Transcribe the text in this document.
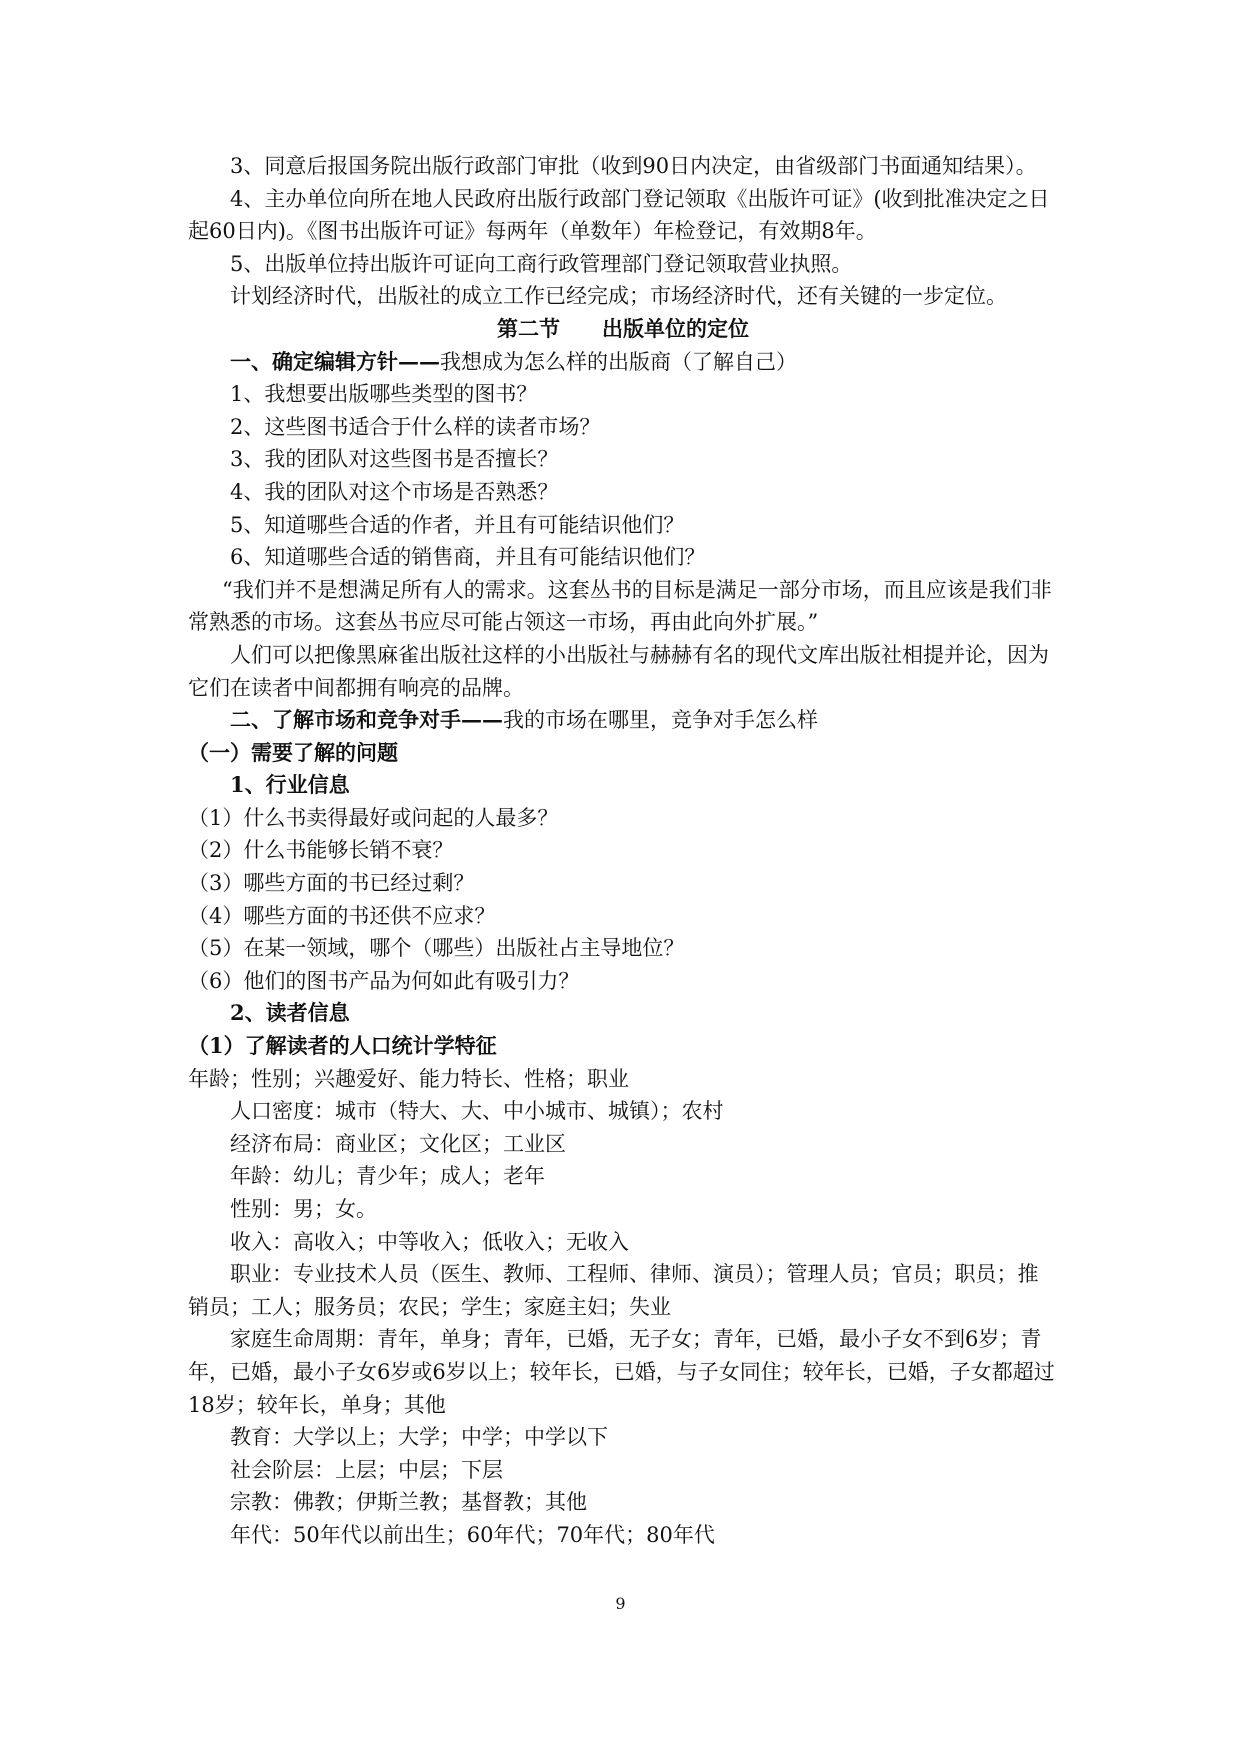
3、同意后报国务院出版行政部门审批（收到90日内决定，由省级部门书面通知结果）。

4、主办单位向所在地人民政府出版行政部门登记领取《出版许可证》(收到批准决定之日起60日内)。《图书出版许可证》每两年（单数年）年检登记，有效期8年。

5、出版单位持出版许可证向工商行政管理部门登记领取营业执照。

计划经济时代，出版社的成立工作已经完成；市场经济时代，还有关键的一步定位。

第二节 出版单位的定位

一、确定编辑方针——我想成为怎么样的出版商（了解自己）

1、我想要出版哪些类型的图书？

2、这些图书适合于什么样的读者市场？

3、我的团队对这些图书是否擅长？

4、我的团队对这个市场是否熟悉？

5、知道哪些合适的作者，并且有可能结识他们？

6、知道哪些合适的销售商，并且有可能结识他们？

“我们并不是想满足所有人的需求。这套丛书的目标是满足一部分市场，而且应该是我们非常熟悉的市场。这套丛书应尽可能占领这一市场，再由此向外扩展。”

人们可以把像黑麻雀出版社这样的小出版社与赫赫有名的现代文库出版社相提并论，因为它们在读者中间都拥有响亮的品牌。

二、了解市场和竞争对手——我的市场在哪里，竞争对手怎么样

（一）需要了解的问题

1、行业信息

（1）什么书卖得最好或问起的人最多？

（2）什么书能够长销不衰？

（3）哪些方面的书已经过剩？

（4）哪些方面的书还供不应求？

（5）在某一领域，哪个（哪些）出版社占主导地位？

（6）他们的图书产品为何如此有吸引力？

2、读者信息

（1）了解读者的人口统计学特征

年龄；性别；兴趣爱好、能力特长、性格；职业

人口密度：城市（特大、大、中小城市、城镇）；农村

经济布局：商业区；文化区；工业区

年龄：幼儿；青少年；成人；老年

性别：男；女。

收入：高收入；中等收入；低收入；无收入

职业：专业技术人员（医生、教师、工程师、律师、演员）；管理人员；官员；职员；推销员；工人；服务员；农民；学生；家庭主妇；失业

家庭生命周期：青年，单身；青年，已婚，无子女；青年，已婚，最小子女不到6岁；青年，已婚，最小子女6岁或6岁以上；较年长，已婚，与子女同住；较年长，已婚，子女都超过18岁；较年长，单身；其他

教育：大学以上；大学；中学；中学以下

社会阶层：上层；中层；下层

宗教：佛教；伊斯兰教；基督教；其他

年代：50年代以前出生；60年代；70年代；80年代

9
